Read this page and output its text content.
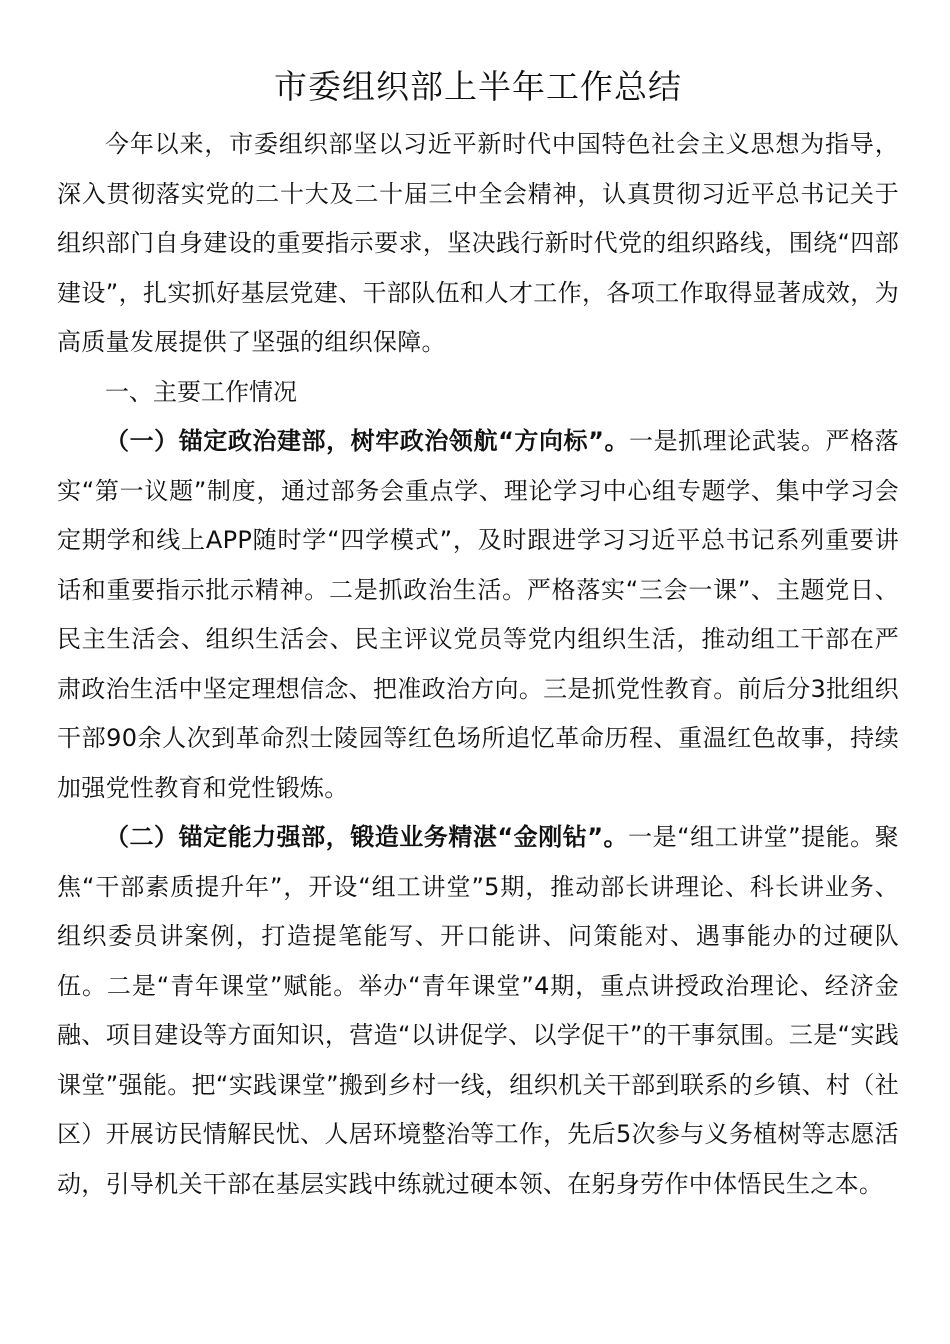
市委组织部上半年工作总结

今年以来，市委组织部坚以习近平新时代中国特色社会主义思想为指导，深入贯彻落实党的二十大及二十届三中全会精神，认真贯彻习近平总书记关于组织部门自身建设的重要指示要求，坚决践行新时代党的组织路线，围绕“四部建设”，扎实抓好基层党建、干部队伍和人才工作，各项工作取得显著成效，为高质量发展提供了坚强的组织保障。

一、主要工作情况

（一）锚定政治建部，树牢政治领航“方向标”。一是抓理论武装。严格落实“第一议题”制度，通过部务会重点学、理论学习中心组专题学、集中学习会定期学和线上APP随时学“四学模式”，及时跟进学习习近平总书记系列重要讲话和重要指示批示精神。二是抓政治生活。严格落实“三会一课”、主题党日、民主生活会、组织生活会、民主评议党员等党内组织生活，推动组工干部在严肃政治生活中坚定理想信念、把准政治方向。三是抓党性教育。前后分3批组织干部90余人次到革命烈士陵园等红色场所追忆革命历程、重温红色故事，持续加强党性教育和党性锻炼。

（二）锚定能力强部，锻造业务精湛“金刚钻”。一是“组工讲堂”提能。聚焦“干部素质提升年”，开设“组工讲堂”5期，推动部长讲理论、科长讲业务、组织委员讲案例，打造提笔能写、开口能讲、问策能对、遇事能办的过硬队伍。二是“青年课堂”赋能。举办“青年课堂”4期，重点讲授政治理论、经济金融、项目建设等方面知识，营造“以讲促学、以学促干”的干事氛围。三是“实践课堂”强能。把“实践课堂”搬到乡村一线，组织机关干部到联系的乡镇、村（社区）开展访民情解民忧、人居环境整治等工作，先后5次参与义务植树等志愿活动，引导机关干部在基层实践中练就过硬本领、在躬身劳作中体悟民生之本。
